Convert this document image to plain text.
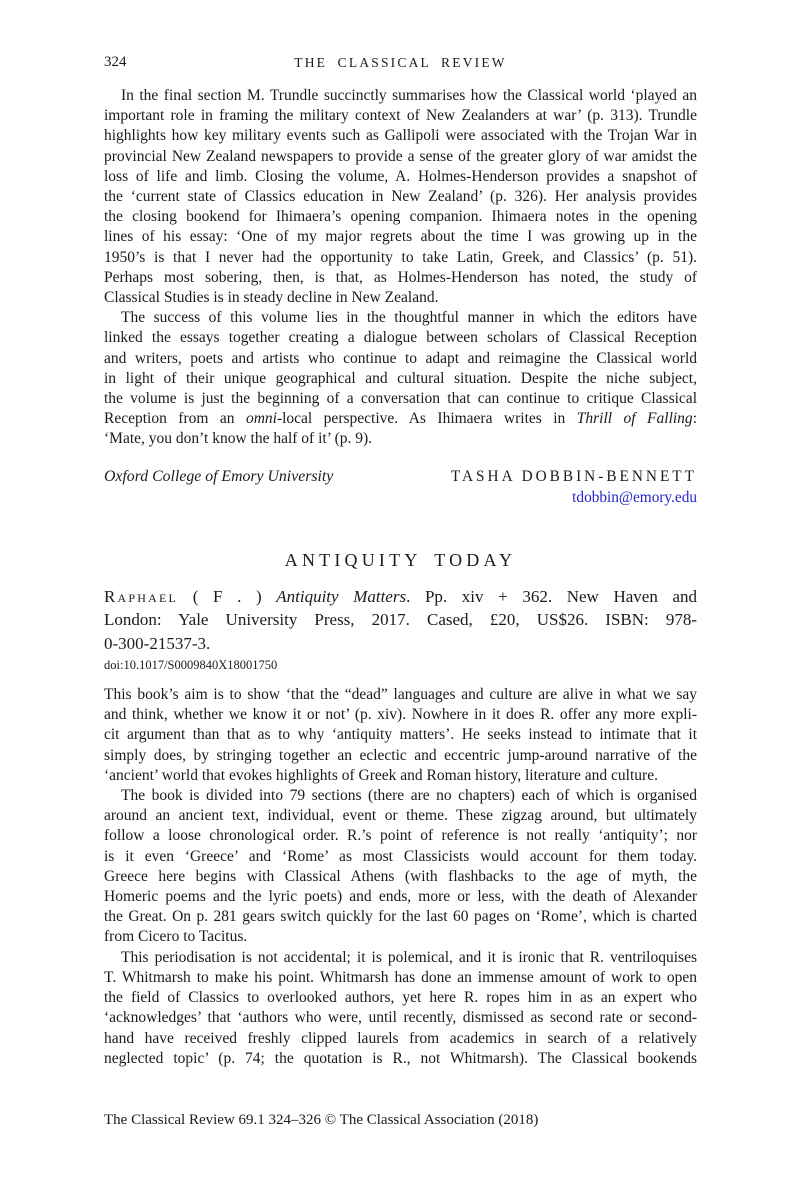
324	THE CLASSICAL REVIEW
In the final section M. Trundle succinctly summarises how the Classical world ‘played an
important role in framing the military context of New Zealanders at war’ (p. 313). Trundle
highlights how key military events such as Gallipoli were associated with the Trojan War in
provincial New Zealand newspapers to provide a sense of the greater glory of war amidst the
loss of life and limb. Closing the volume, A. Holmes-Henderson provides a snapshot of
the ‘current state of Classics education in New Zealand’ (p. 326). Her analysis provides
the closing bookend for Ihimaera’s opening companion. Ihimaera notes in the opening
lines of his essay: ‘One of my major regrets about the time I was growing up in the
1950’s is that I never had the opportunity to take Latin, Greek, and Classics’ (p. 51).
Perhaps most sobering, then, is that, as Holmes-Henderson has noted, the study of
Classical Studies is in steady decline in New Zealand.
The success of this volume lies in the thoughtful manner in which the editors have
linked the essays together creating a dialogue between scholars of Classical Reception
and writers, poets and artists who continue to adapt and reimagine the Classical world
in light of their unique geographical and cultural situation. Despite the niche subject,
the volume is just the beginning of a conversation that can continue to critique Classical
Reception from an omni-local perspective. As Ihimaera writes in Thrill of Falling:
‘Mate, you don’t know the half of it’ (p. 9).
Oxford College of Emory University	TASHA DOBBIN-BENNETT
tdobbin@emory.edu
ANTIQUITY TODAY
Raphael ( F . ) Antiquity Matters. Pp. xiv + 362. New Haven and
London: Yale University Press, 2017. Cased, £20, US$26. ISBN: 978-
0-300-21537-3.
doi:10.1017/S0009840X18001750
This book’s aim is to show ‘that the “dead” languages and culture are alive in what we say
and think, whether we know it or not’ (p. xiv). Nowhere in it does R. offer any more expli-
cit argument than that as to why ‘antiquity matters’. He seeks instead to intimate that it
simply does, by stringing together an eclectic and eccentric jump-around narrative of the
‘ancient’ world that evokes highlights of Greek and Roman history, literature and culture.
The book is divided into 79 sections (there are no chapters) each of which is organised
around an ancient text, individual, event or theme. These zigzag around, but ultimately
follow a loose chronological order. R.’s point of reference is not really ‘antiquity’; nor
is it even ‘Greece’ and ‘Rome’ as most Classicists would account for them today.
Greece here begins with Classical Athens (with flashbacks to the age of myth, the
Homeric poems and the lyric poets) and ends, more or less, with the death of Alexander
the Great. On p. 281 gears switch quickly for the last 60 pages on ‘Rome’, which is charted
from Cicero to Tacitus.
This periodisation is not accidental; it is polemical, and it is ironic that R. ventriloquises
T. Whitmarsh to make his point. Whitmarsh has done an immense amount of work to open
the field of Classics to overlooked authors, yet here R. ropes him in as an expert who
‘acknowledges’ that ‘authors who were, until recently, dismissed as second rate or second-
hand have received freshly clipped laurels from academics in search of a relatively
neglected topic’ (p. 74; the quotation is R., not Whitmarsh). The Classical bookends
The Classical Review 69.1 324–326 © The Classical Association (2018)
